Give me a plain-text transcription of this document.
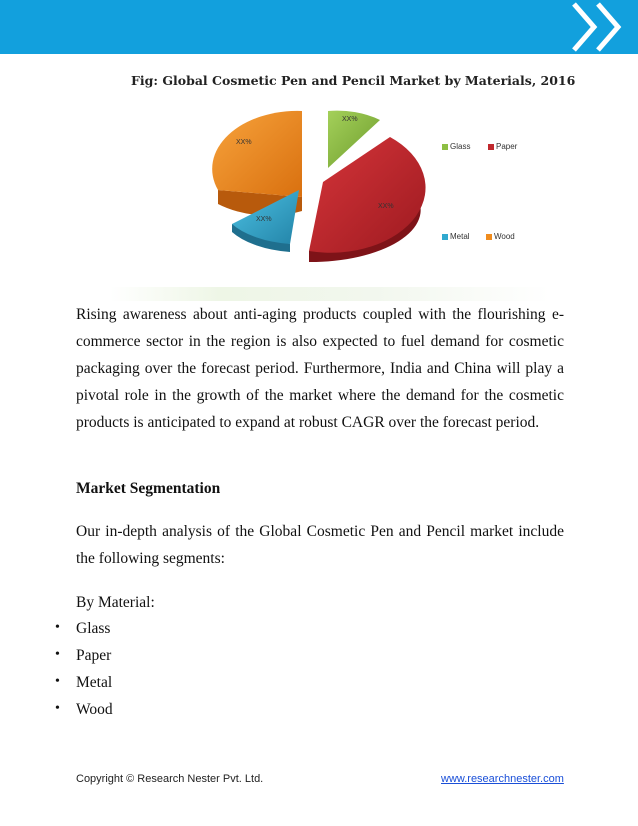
Fig: Global Cosmetic Pen and Pencil Market by Materials, 2016
XX%
XX%
XX%
XX%
Glass	Paper
Metal	Wood
Rising awareness about anti-aging products coupled with the flourishing e-commerce sector in the region is also expected to fuel demand for cosmetic packaging over the forecast period. Furthermore, India and China will play a pivotal role in the growth of the market where the demand for the cosmetic products is anticipated to expand at robust CAGR over the forecast period.
Market Segmentation
Our in-depth analysis of the Global Cosmetic Pen and Pencil market include the following segments:
By Material:
• Glass
• Paper
• Metal
• Wood
Copyright © Research Nester Pvt. Ltd.	www.researchnester.com
